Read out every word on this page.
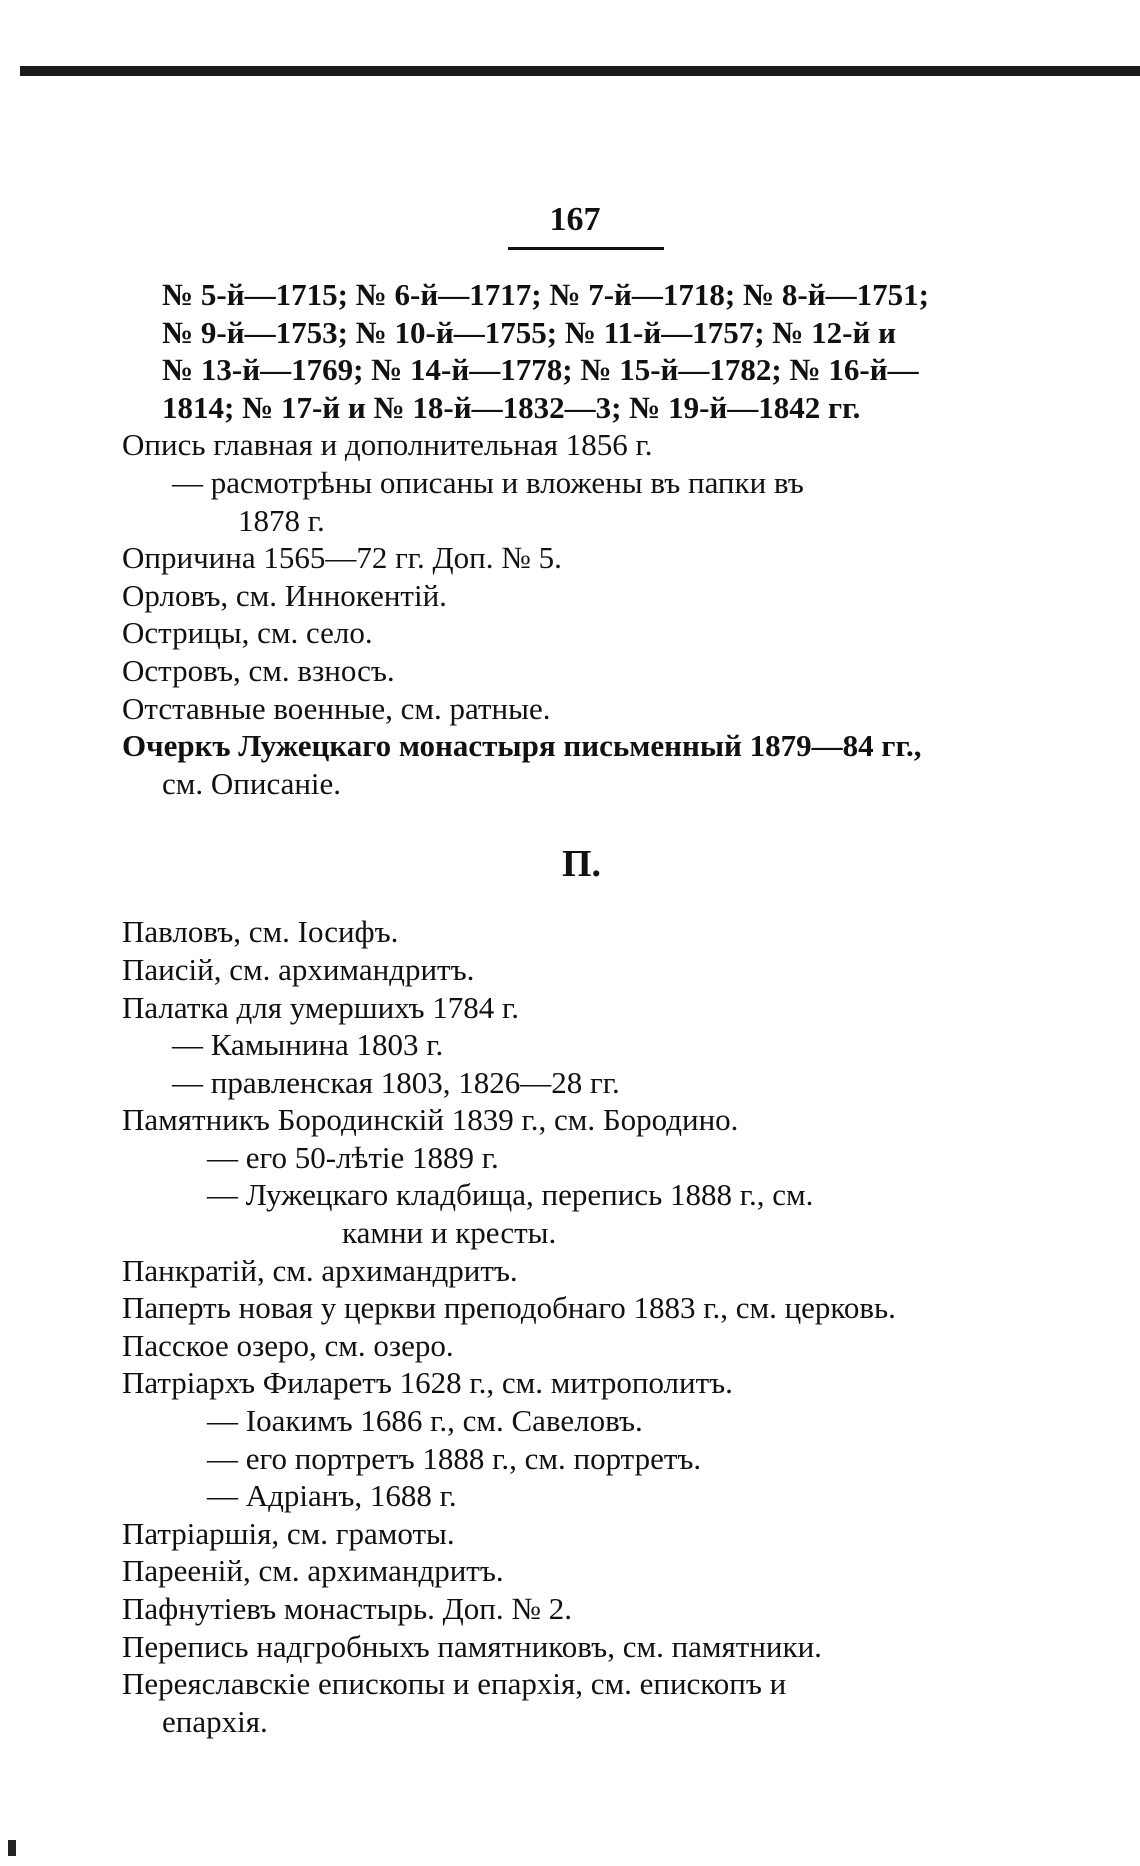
167
№ 5-й—1715; № 6-й—1717; № 7-й—1718; № 8-й—1751;
№ 9-й—1753; № 10-й—1755; № 11-й—1757; № 12-й и
№ 13-й—1769; № 14-й—1778; № 15-й—1782; № 16-й—
1814; № 17-й и № 18-й—1832—3; № 19-й—1842 гг.
Опись главная и дополнительная 1856 г.
— расмотрѣны описаны и вложены въ папки въ
1878 г.
Опричина 1565—72 гг. Доп. № 5.
Орловъ, см. Иннокентій.
Острицы, см. село.
Островъ, см. взносъ.
Отставные военные, см. ратные.
Очеркъ Лужецкаго монастыря письменный 1879—84 гг.,
см. Описаніе.
П.
Павловъ, см. Іосифъ.
Паисій, см. архимандритъ.
Палатка для умершихъ 1784 г.
— Камынина 1803 г.
— правленская 1803, 1826—28 гг.
Памятникъ Бородинскій 1839 г., см. Бородино.
— его 50-лѣтіе 1889 г.
— Лужецкаго кладбища, перепись 1888 г., см.
камни и кресты.
Панкратій, см. архимандритъ.
Паперть новая у церкви преподобнаго 1883 г., см. церковь.
Пасское озеро, см. озеро.
Патріархъ Филаретъ 1628 г., см. митрополитъ.
— Іоакимъ 1686 г., см. Савеловъ.
— его портретъ 1888 г., см. портретъ.
— Адріанъ, 1688 г.
Патріаршія, см. грамоты.
Пареенiй, см. архимандритъ.
Пафнутіевъ монастырь. Доп. № 2.
Перепись надгробныхъ памятниковъ, см. памятники.
Переяславскіе епископы и епархія, см. епископъ и
епархія.
